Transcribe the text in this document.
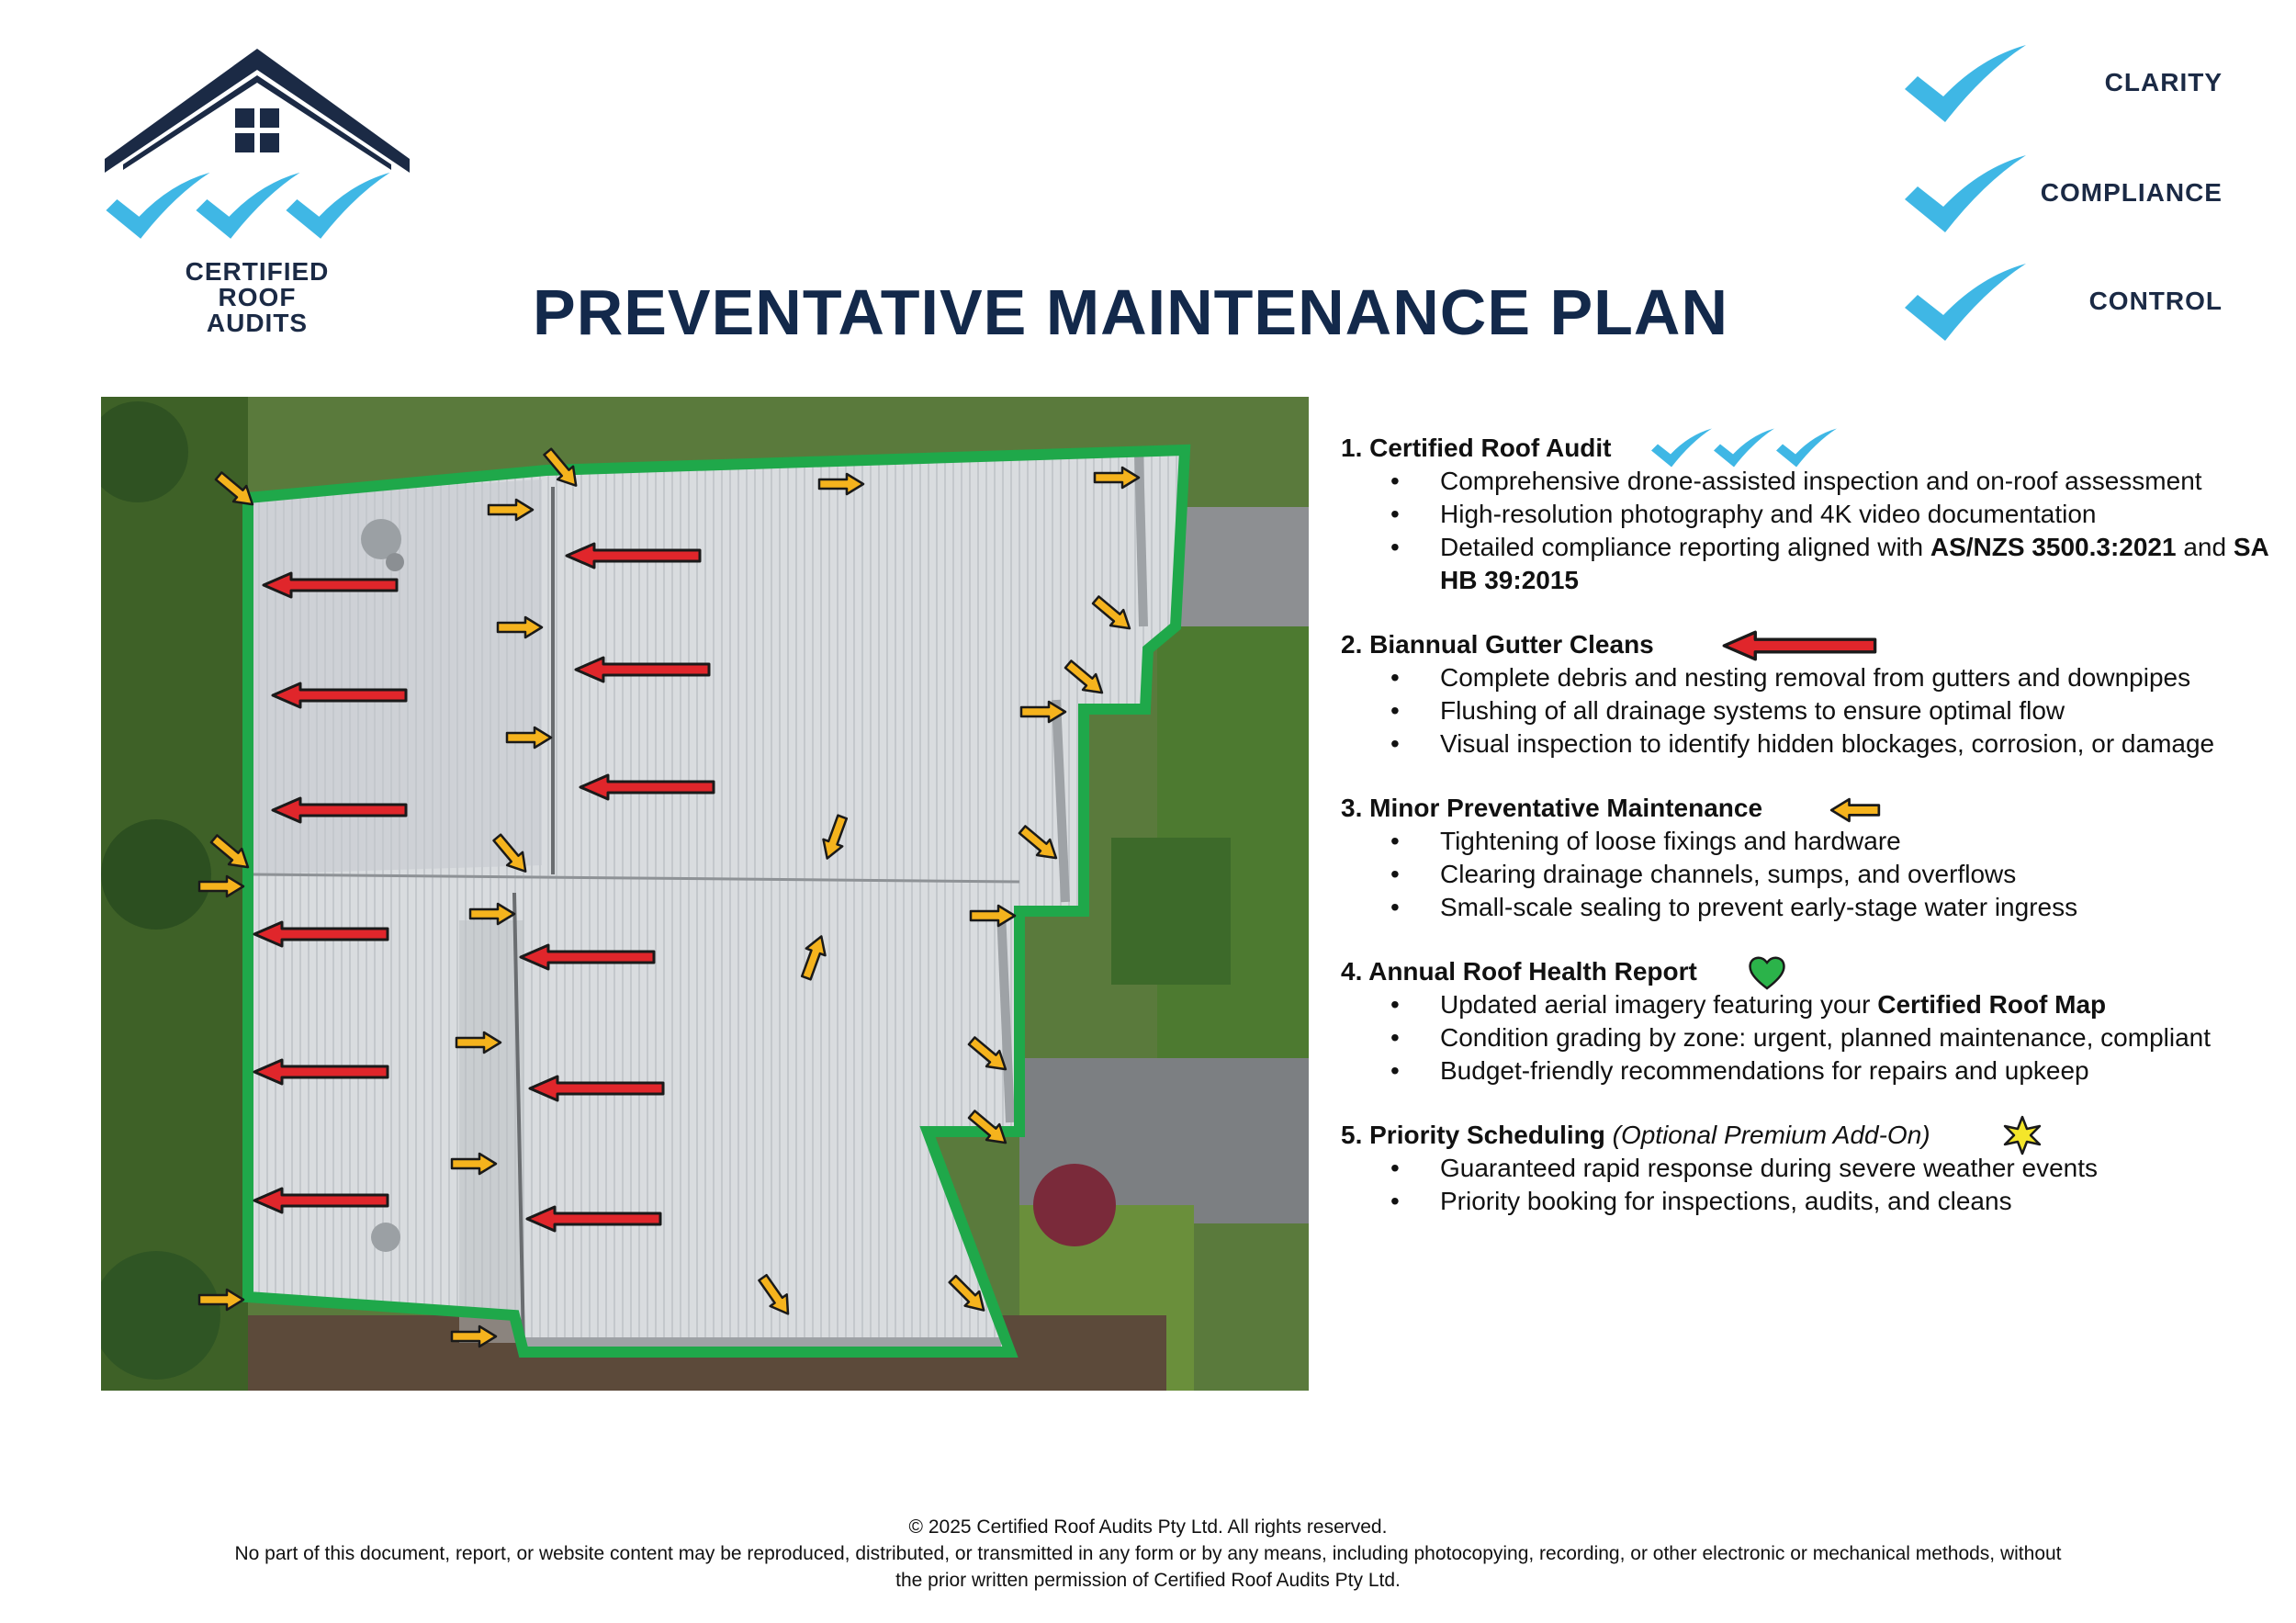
CERTIFIED
ROOF
AUDITS	PREVENTATIVE MAINTENANCE PLAN
CLARITY
COMPLIANCE
CONTROL
1. Certified Roof Audit
• Comprehensive drone-assisted inspection and on-roof assessment
• High-resolution photography and 4K video documentation
• Detailed compliance reporting aligned with AS/NZS 3500.3:2021 and SA HB 39:2015
2. Biannual Gutter Cleans
• Complete debris and nesting removal from gutters and downpipes
• Flushing of all drainage systems to ensure optimal flow
• Visual inspection to identify hidden blockages, corrosion, or damage
3. Minor Preventative Maintenance
• Tightening of loose fixings and hardware
• Clearing drainage channels, sumps, and overflows
• Small-scale sealing to prevent early-stage water ingress
4. Annual Roof Health Report
• Updated aerial imagery featuring your Certified Roof Map
• Condition grading by zone: urgent, planned maintenance, compliant
• Budget-friendly recommendations for repairs and upkeep
5. Priority Scheduling (Optional Premium Add-On)
• Guaranteed rapid response during severe weather events
• Priority booking for inspections, audits, and cleans
© 2025 Certified Roof Audits Pty Ltd. All rights reserved.
No part of this document, report, or website content may be reproduced, distributed, or transmitted in any form or by any means, including photocopying, recording, or other electronic or mechanical methods, without
the prior written permission of Certified Roof Audits Pty Ltd.
